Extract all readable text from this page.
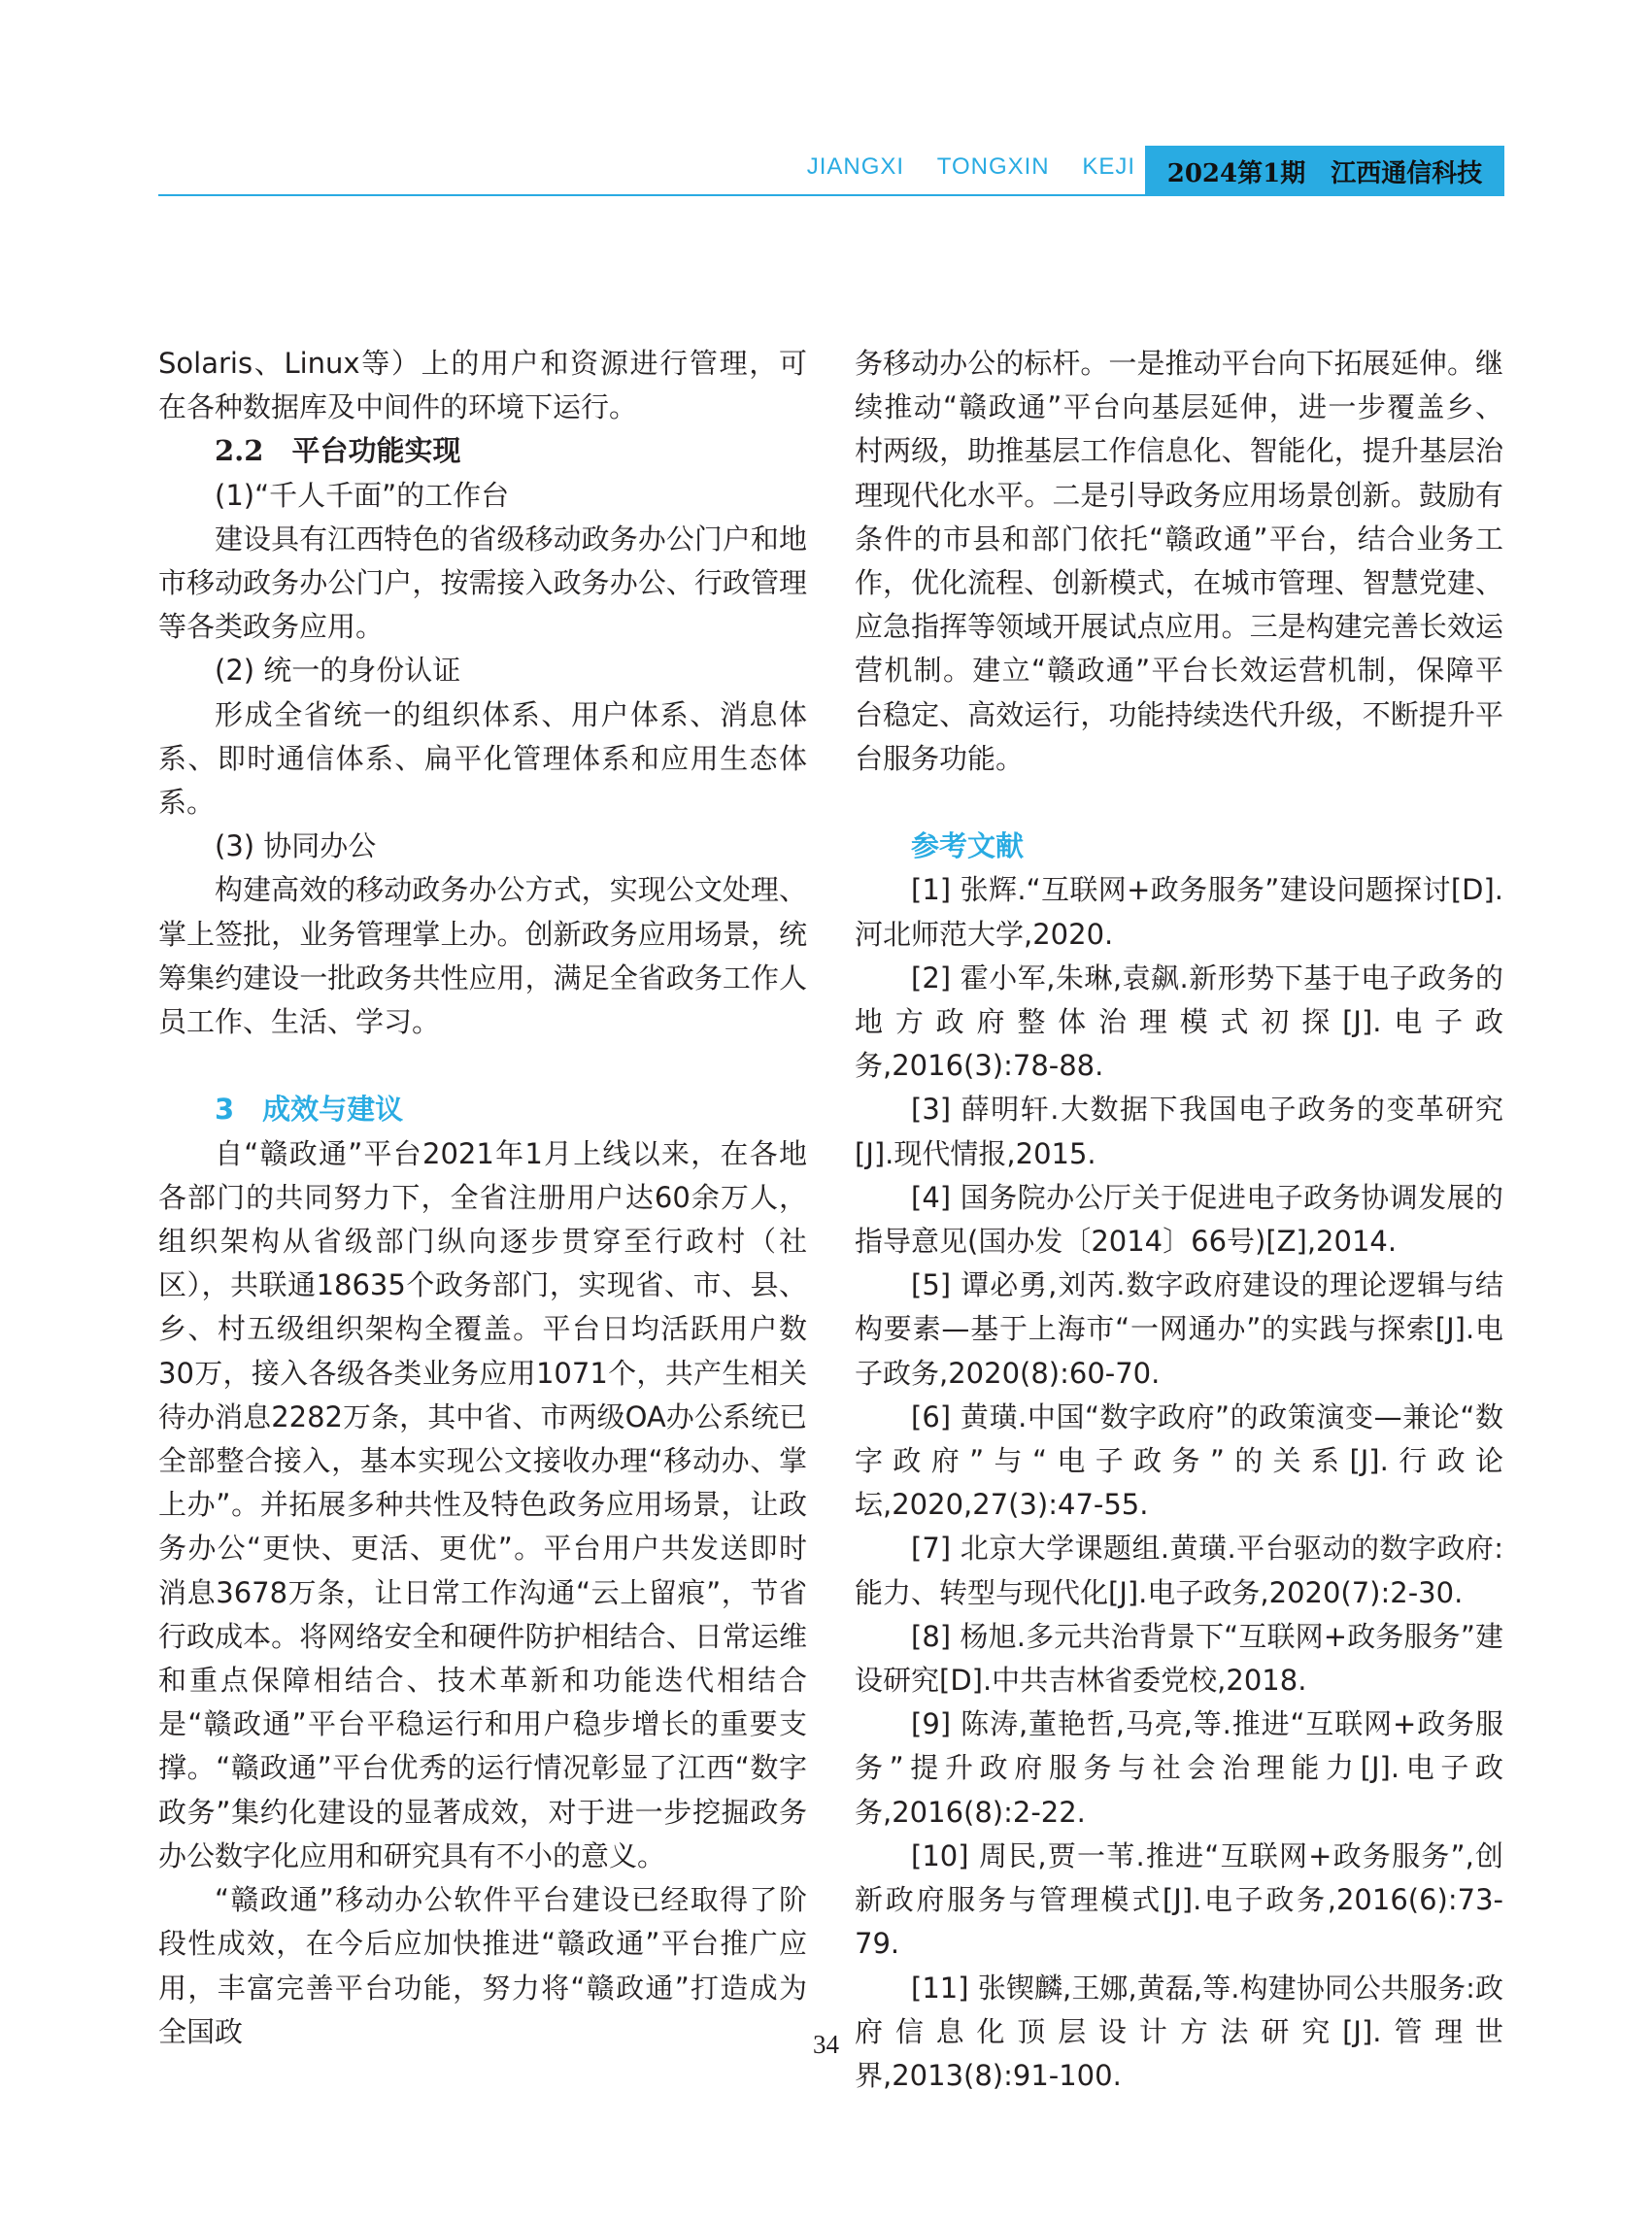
JIANGXI TONGXIN KEJI 2024第1期 江西通信科技

Solaris、Linux等）上的用户和资源进行管理，可在各种数据库及中间件的环境下运行。

2.2　平台功能实现

(1)“千人千面”的工作台

建设具有江西特色的省级移动政务办公门户和地市移动政务办公门户，按需接入政务办公、行政管理等各类政务应用。

(2) 统一的身份认证

形成全省统一的组织体系、用户体系、消息体系、即时通信体系、扁平化管理体系和应用生态体系。

(3) 协同办公

构建高效的移动政务办公方式，实现公文处理、掌上签批，业务管理掌上办。创新政务应用场景，统筹集约建设一批政务共性应用，满足全省政务工作人员工作、生活、学习。

3　成效与建议

自“赣政通”平台2021年1月上线以来，在各地各部门的共同努力下，全省注册用户达60余万人，组织架构从省级部门纵向逐步贯穿至行政村（社区），共联通18635个政务部门，实现省、市、县、乡、村五级组织架构全覆盖。平台日均活跃用户数30万，接入各级各类业务应用1071个，共产生相关待办消息2282万条，其中省、市两级OA办公系统已全部整合接入，基本实现公文接收办理“移动办、掌上办”。并拓展多种共性及特色政务应用场景，让政务办公“更快、更活、更优”。平台用户共发送即时消息3678万条，让日常工作沟通“云上留痕”，节省行政成本。将网络安全和硬件防护相结合、日常运维和重点保障相结合、技术革新和功能迭代相结合是“赣政通”平台平稳运行和用户稳步增长的重要支撑。“赣政通”平台优秀的运行情况彰显了江西“数字政务”集约化建设的显著成效，对于进一步挖掘政务办公数字化应用和研究具有不小的意义。

“赣政通”移动办公软件平台建设已经取得了阶段性成效，在今后应加快推进“赣政通”平台推广应用，丰富完善平台功能，努力将“赣政通”打造成为全国政

务移动办公的标杆。一是推动平台向下拓展延伸。继续推动“赣政通”平台向基层延伸，进一步覆盖乡、村两级，助推基层工作信息化、智能化，提升基层治理现代化水平。二是引导政务应用场景创新。鼓励有条件的市县和部门依托“赣政通”平台，结合业务工作，优化流程、创新模式，在城市管理、智慧党建、应急指挥等领域开展试点应用。三是构建完善长效运营机制。建立“赣政通”平台长效运营机制，保障平台稳定、高效运行，功能持续迭代升级，不断提升平台服务功能。

参考文献

[1] 张辉.“互联网+政务服务”建设问题探讨[D].河北师范大学,2020.

[2] 霍小军,朱琳,袁飙.新形势下基于电子政务的地方政府整体治理模式初探[J].电子政务,2016(3):78-88.

[3] 薛明轩.大数据下我国电子政务的变革研究[J].现代情报,2015.

[4] 国务院办公厅关于促进电子政务协调发展的指导意见(国办发〔2014〕66号)[Z],2014.

[5] 谭必勇,刘芮.数字政府建设的理论逻辑与结构要素—基于上海市“一网通办”的实践与探索[J].电子政务,2020(8):60-70.

[6] 黄璜.中国“数字政府”的政策演变—兼论“数字政府”与“电子政务”的关系[J].行政论坛,2020,27(3):47-55.

[7] 北京大学课题组.黄璜.平台驱动的数字政府:能力、转型与现代化[J].电子政务,2020(7):2-30.

[8] 杨旭.多元共治背景下“互联网+政务服务”建设研究[D].中共吉林省委党校,2018.

[9] 陈涛,董艳哲,马亮,等.推进“互联网+政务服务”提升政府服务与社会治理能力[J].电子政务,2016(8):2-22.

[10] 周民,贾一苇.推进“互联网+政务服务”,创新政府服务与管理模式[J].电子政务,2016(6):73-79.

[11] 张锲麟,王娜,黄磊,等.构建协同公共服务:政府信息化顶层设计方法研究[J].管理世界,2013(8):91-100.

34
